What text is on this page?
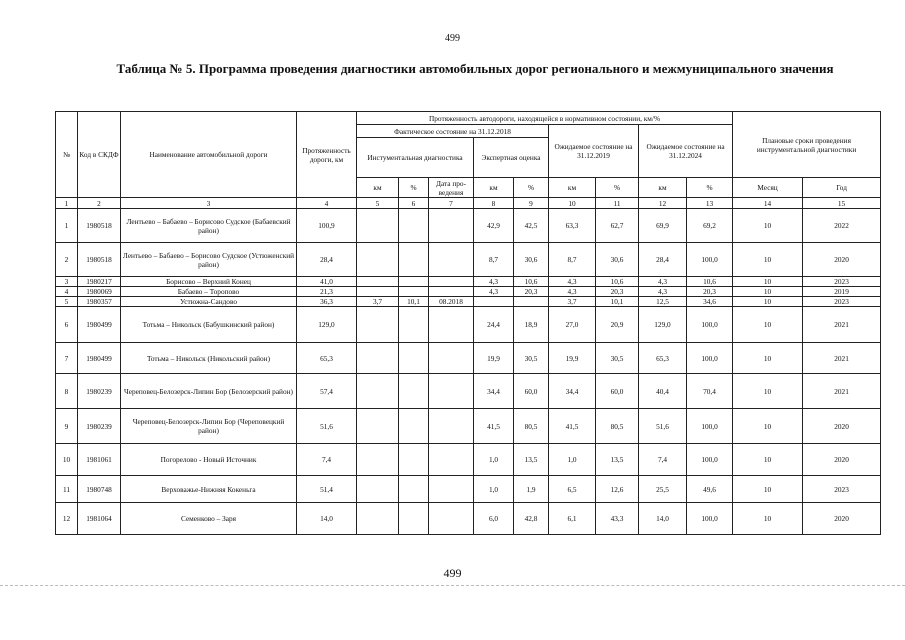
499
Таблица № 5. Программа проведения диагностики автомобильных дорог регионального и межмуниципального значения
№	Код в СКДФ	Наименование автомобильной дороги	Протяженность дороги, км	Протяженность автодороги, находящейся в нормативном состоянии, км/%									Плановые сроки проведения инструментальной диагностики	
				Фактическое состояние на 31.12.2018					Ожидаемое состояние на 31.12.2019		Ожидаемое состояние на 31.12.2024			
				Инстументальная диагностика			Экспертная оценка							
				км	%	Дата про-ведения	км	%	км	%	км	%	Месяц	Год
1	2	3	4	5	6	7	8	9	10	11	12	13	14	15
1	1980518	Лентьево – Бабаево – Борисово Судское (Бабаевский район)	100,9				42,9	42,5	63,3	62,7	69,9	69,2	10	2022
2	1980518	Лентьево – Бабаево – Борисово Судское (Устюженский район)	28,4				8,7	30,6	8,7	30,6	28,4	100,0	10	2020
3	1980217	Борисово – Верхний Конец	41,0				4,3	10,6	4,3	10,6	4,3	10,6	10	2023
4	1980069	Бабаево – Торопово	21,3				4,3	20,3	4,3	20,3	4,3	20,3	10	2019
5	1980357	Устюжна-Сандово	36,3	3,7	10,1	08.2018			3,7	10,1	12,5	34,6	10	2023
6	1980499	Тотьма – Никольск (Бабушкинский район)	129,0				24,4	18,9	27,0	20,9	129,0	100,0	10	2021
7	1980499	Тотьма – Никольск (Никольский район)	65,3				19,9	30,5	19,9	30,5	65,3	100,0	10	2021
8	1980239	Череповец-Белозерск-Липин Бор (Белозерский район)	57,4				34,4	60,0	34,4	60,0	40,4	70,4	10	2021
9	1980239	Череповец-Белозерск-Липин Бор (Череповецкий район)	51,6				41,5	80,5	41,5	80,5	51,6	100,0	10	2020
10	1981061	Погорелово - Новый Источник	7,4				1,0	13,5	1,0	13,5	7,4	100,0	10	2020
11	1980748	Верховажье-Нижняя Кокеньга	51,4				1,0	1,9	6,5	12,6	25,5	49,6	10	2023
12	1981064	Семенково – Заря	14,0				6,0	42,8	6,1	43,3	14,0	100,0	10	2020
499
